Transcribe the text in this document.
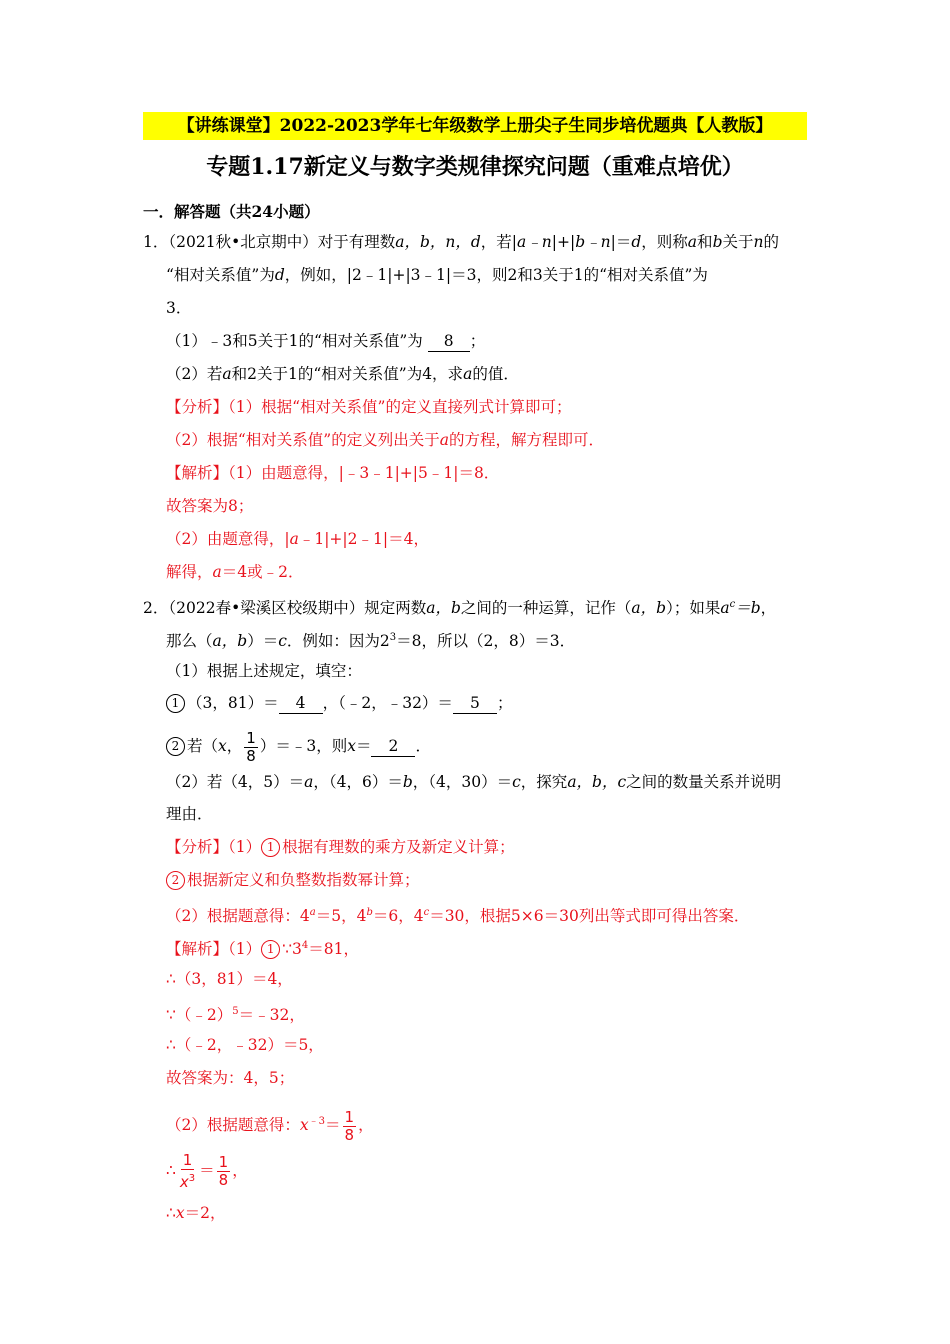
【讲练课堂】2022-2023学年七年级数学上册尖子生同步培优题典【人教版】
专题1.17新定义与数字类规律探究问题（重难点培优）
一．解答题（共24小题）
1．（2021秋•北京期中）对于有理数a，b，n，d，若|a﹣n|+|b﹣n|＝d，则称a和b关于n的
“相对关系值”为d，例如，|2﹣1|+|3﹣1|＝3，则2和3关于1的“相对关系值”为
3．
（1）﹣3和5关于1的“相对关系值”为 8 ；
（2）若a和2关于1的“相对关系值”为4，求a的值．
【分析】（1）根据“相对关系值”的定义直接列式计算即可；
（2）根据“相对关系值”的定义列出关于a的方程，解方程即可．
【解析】（1）由题意得，|﹣3﹣1|+|5﹣1|＝8．
故答案为8；
（2）由题意得，|a﹣1|+|2﹣1|＝4，
解得，a＝4或﹣2．
2．（2022春•梁溪区校级期中）规定两数a，b之间的一种运算，记作（a，b）；如果$a^c=b$，
那么（a，b）＝c．例如：因为$2^3=8$，所以（2，8）＝3．
（1）根据上述规定，填空：
1 （3，81）＝ 4 ，（﹣2，﹣32）＝ 5 ；
2 若（x， $\frac{1}{8}$ ）＝﹣3，则x＝ 2 ．
（2）若（4，5）＝a，（4，6）＝b，（4，30）＝c，探究a，b，c之间的数量关系并说明
理由．
【分析】（1） 1 根据有理数的乘方及新定义计算；
2 根据新定义和负整数指数幂计算；
（2）根据题意得：$4^a=5$，$4^b=6$，$4^c=30$，根据5×6＝30列出等式即可得出答案．
【解析】（1） 1 $\because 3^4=81$，
∴（3，81）＝4，
∵（﹣2）$^5$＝﹣32，
∴（﹣2，﹣32）＝5，
故答案为：4，5；
（2）根据题意得：$x^{﹣3}= \frac{1}{8}$ ，
∴ $\frac{1}{x^3} = \frac{1}{8}$ ，
∴x＝2，
